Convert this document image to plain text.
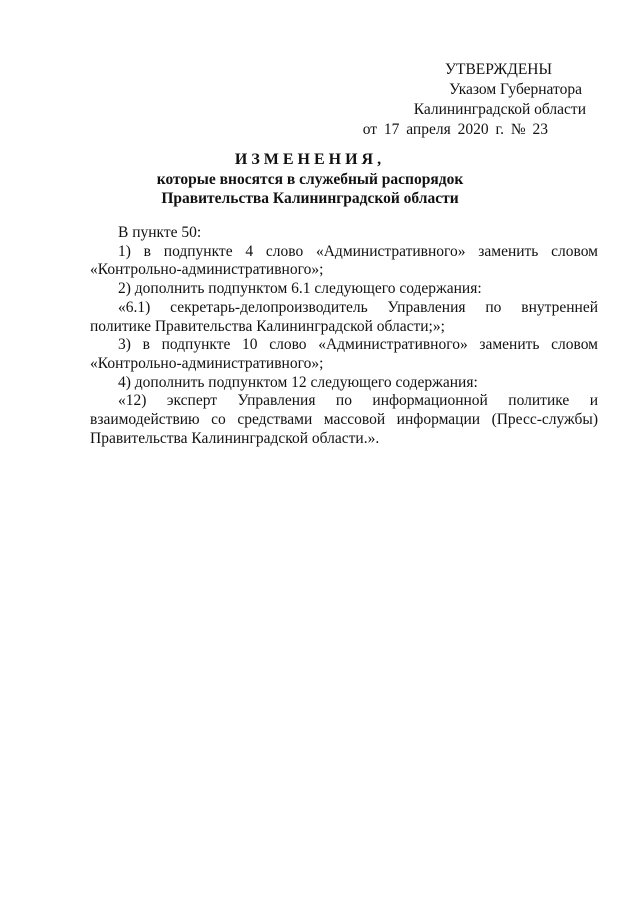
УТВЕРЖДЕНЫ
Указом Губернатора
Калининградской области
от 17 апреля 2020 г. № 23
ИЗМЕНЕНИЯ,
которые вносятся в служебный распорядок
Правительства Калининградской области

В пункте 50:

1) в подпункте 4 слово «Административного» заменить словом «Контрольно-административного»;

2) дополнить подпунктом 6.1 следующего содержания:

«6.1) секретарь-делопроизводитель Управления по внутренней политике Правительства Калининградской области;»;

3) в подпункте 10 слово «Административного» заменить словом «Контрольно-административного»;

4) дополнить подпунктом 12 следующего содержания:

«12) эксперт Управления по информационной политике и взаимодействию со средствами массовой информации (Пресс-службы) Правительства Калининградской области.».
